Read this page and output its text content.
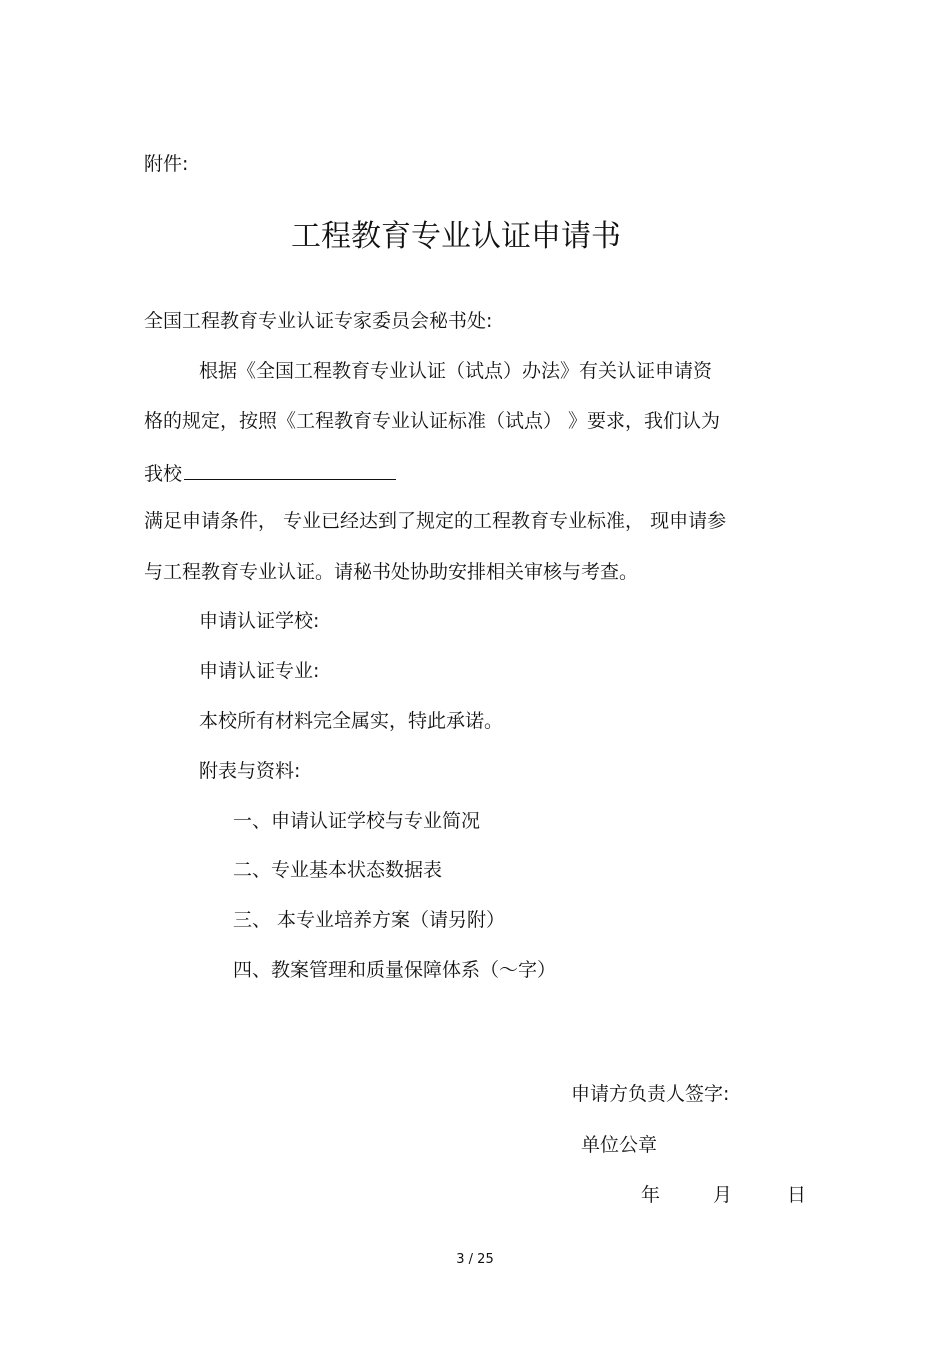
附件:
工程教育专业认证申请书
全国工程教育专业认证专家委员会秘书处:
根据《全国工程教育专业认证（试点）办法》有关认证申请资
格的规定，按照《工程教育专业认证标准（试点） 》要求，我们认为
我校
满足申请条件， 专业已经达到了规定的工程教育专业标准， 现申请参
与工程教育专业认证。请秘书处协助安排相关审核与考查。
申请认证学校:
申请认证专业:
本校所有材料完全属实，特此承诺。
附表与资料:
一、申请认证学校与专业简况
二、专业基本状态数据表
三、 本专业培养方案（请另附）
四、教案管理和质量保障体系（～字）
申请方负责人签字:
单位公章
年	月	日
3 / 25
